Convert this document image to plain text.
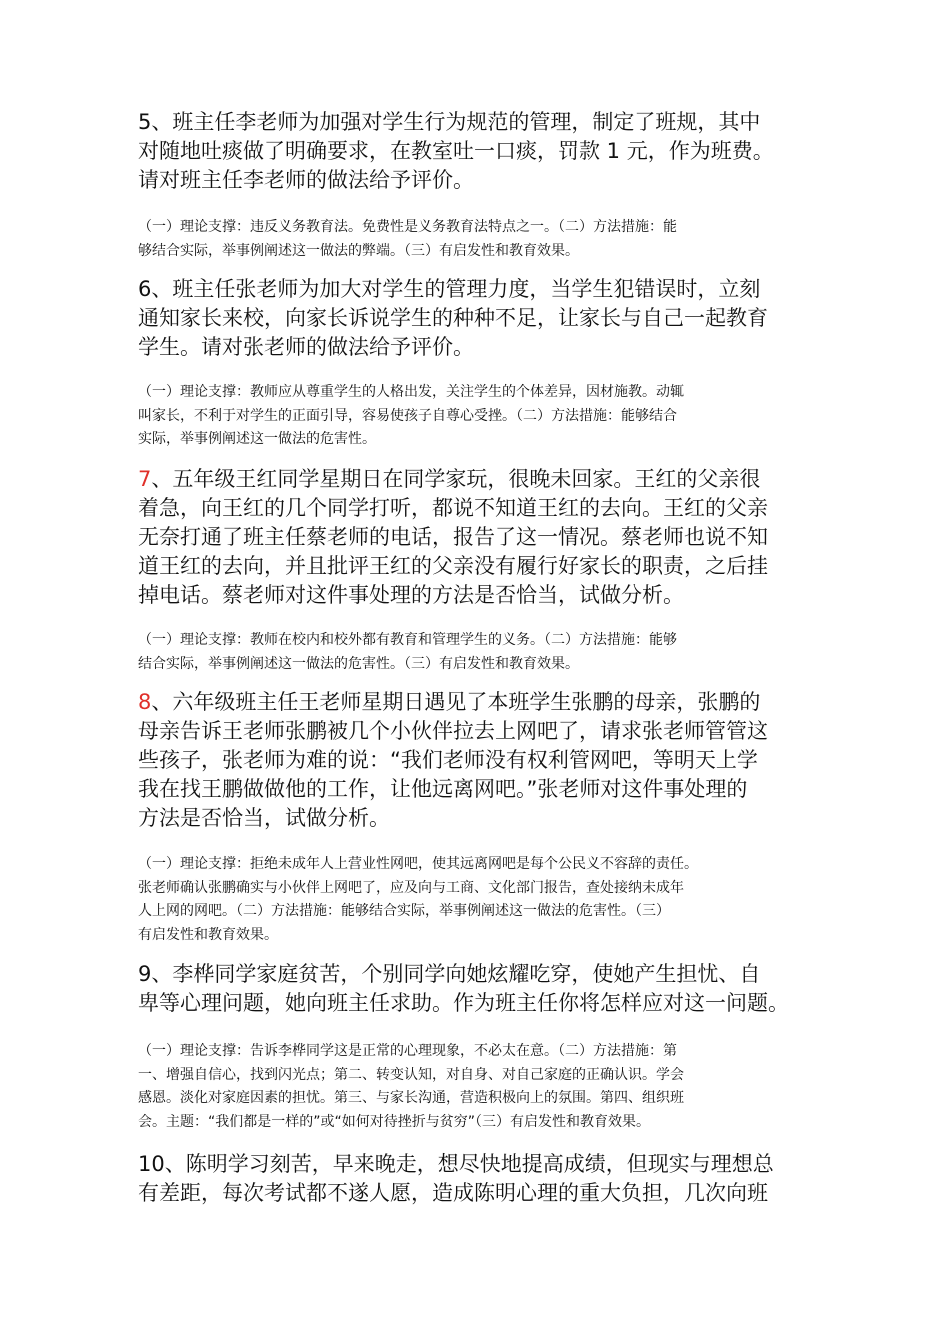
5、班主任李老师为加强对学生行为规范的管理，制定了班规，其中
对随地吐痰做了明确要求，在教室吐一口痰，罚款 1 元，作为班费。
请对班主任李老师的做法给予评价。
（一）理论支撑：违反义务教育法。免费性是义务教育法特点之一。（二）方法措施：能
够结合实际，举事例阐述这一做法的弊端。（三）有启发性和教育效果。
6、班主任张老师为加大对学生的管理力度，当学生犯错误时，立刻
通知家长来校，向家长诉说学生的种种不足，让家长与自己一起教育
学生。请对张老师的做法给予评价。
（一）理论支撑：教师应从尊重学生的人格出发，关注学生的个体差异，因材施教。动辄
叫家长，不利于对学生的正面引导，容易使孩子自尊心受挫。（二）方法措施：能够结合
实际，举事例阐述这一做法的危害性。
7、五年级王红同学星期日在同学家玩，很晚未回家。王红的父亲很
着急，向王红的几个同学打听，都说不知道王红的去向。王红的父亲
无奈打通了班主任蔡老师的电话，报告了这一情况。蔡老师也说不知
道王红的去向，并且批评王红的父亲没有履行好家长的职责，之后挂
掉电话。蔡老师对这件事处理的方法是否恰当，试做分析。
（一）理论支撑：教师在校内和校外都有教育和管理学生的义务。（二）方法措施：能够
结合实际，举事例阐述这一做法的危害性。（三）有启发性和教育效果。
8、六年级班主任王老师星期日遇见了本班学生张鹏的母亲，张鹏的
母亲告诉王老师张鹏被几个小伙伴拉去上网吧了，请求张老师管管这
些孩子，张老师为难的说：“我们老师没有权利管网吧，等明天上学
我在找王鹏做做他的工作，让他远离网吧。”张老师对这件事处理的
方法是否恰当，试做分析。
（一）理论支撑：拒绝未成年人上营业性网吧，使其远离网吧是每个公民义不容辞的责任。
张老师确认张鹏确实与小伙伴上网吧了，应及向与工商、文化部门报告，查处接纳未成年
人上网的网吧。（二）方法措施：能够结合实际，举事例阐述这一做法的危害性。（三）
有启发性和教育效果。
9、李桦同学家庭贫苦，个别同学向她炫耀吃穿，使她产生担忧、自
卑等心理问题，她向班主任求助。作为班主任你将怎样应对这一问题。
（一）理论支撑：告诉李桦同学这是正常的心理现象，不必太在意。（二）方法措施：第
一、增强自信心，找到闪光点；第二、转变认知，对自身、对自己家庭的正确认识。学会
感恩。淡化对家庭因素的担忧。第三、与家长沟通，营造积极向上的氛围。第四、组织班
会。主题：“我们都是一样的”或“如何对待挫折与贫穷”（三）有启发性和教育效果。
10、陈明学习刻苦，早来晚走，想尽快地提高成绩，但现实与理想总
有差距，每次考试都不遂人愿，造成陈明心理的重大负担，几次向班
